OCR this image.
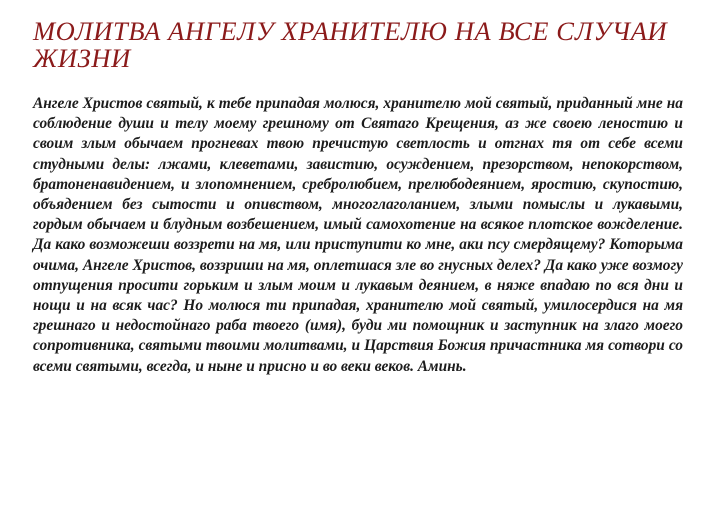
МОЛИТВА АНГЕЛУ ХРАНИТЕЛЮ НА ВСЕ СЛУЧАИ ЖИЗНИ

Ангеле Христов святый, к тебе припадая молюся, хранителю мой святый, приданный мне на соблюдение души и телу моему грешному от Святаго Крещения, аз же своею леностию и своим злым обычаем прогневах твою пречистую светлость и отгнах тя от себе всеми студными делы: лжами, клеветами, завистию, осуждением, презорством, непокорством, братоненавидением, и злопомнением, сребролюбием, прелюбодеянием, яростию, скупостию, объядением без сытости и опивством, многоглаголанием, злыми помыслы и лукавыми, гордым обычаем и блудным возбешением, имый самохотение на всякое плотское вождeление. Да како возможеши воззрети на мя, или приступити ко мне, аки псу смердящему? Которыма очима, Ангеле Христов, воззриши на мя, оплетшася зле во гнусных делех? Да како уже возмогу отпущения просити горьким и злым моим и лукавым деянием, в няже впадаю по вся дни и нощи и на всяк час? Но молюся ти припадая, хранителю мой святый, умилосердися на мя грешнаго и недостойнаго раба твоего (имя), буди ми помощник и заступник на злаго моего сопротивника, святыми твоими молитвами, и Царствия Божия причастника мя сотвори со всеми святыми, всегда, и ныне и присно и во веки веков. Аминь.
